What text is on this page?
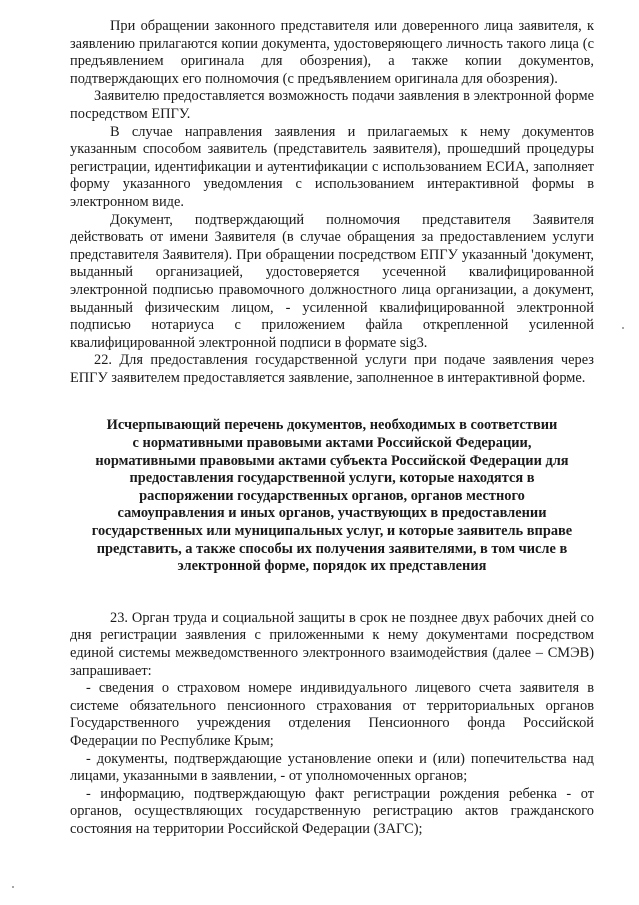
При обращении законного представителя или доверенного лица заявителя, к заявлению прилагаются копии документа, удостоверяющего личность такого лица (с предъявлением оригинала для обозрения), а также копии документов, подтверждающих его полномочия (с предъявлением оригинала для обозрения).

Заявителю предоставляется возможность подачи заявления в электронной форме посредством ЕПГУ.

В случае направления заявления и прилагаемых к нему документов указанным способом заявитель (представитель заявителя), прошедший процедуры регистрации, идентификации и аутентификации с использованием ЕСИА, заполняет форму указанного уведомления с использованием интерактивной формы в электронном виде.

Документ, подтверждающий полномочия представителя Заявителя действовать от имени Заявителя (в случае обращения за предоставлением услуги представителя Заявителя). При обращении посредством ЕПГУ указанный 'документ, выданный организацией, удостоверяется усеченной квалифицированной электронной подписью правомочного должностного лица организации, а документ, выданный физическим лицом, - усиленной квалифицированной электронной подписью нотариуса с приложением файла открепленной усиленной квалифицированной электронной подписи в формате sig3.

22. Для предоставления государственной услуги при подаче заявления через ЕПГУ заявителем предоставляется заявление, заполненное в интерактивной форме.

Исчерпывающий перечень документов, необходимых в соответствии
с нормативными правовыми актами Российской Федерации,
нормативными правовыми актами субъекта Российской Федерации для
предоставления государственной услуги, которые находятся в
распоряжении государственных органов, органов местного
самоуправления и иных органов, участвующих в предоставлении
государственных или муниципальных услуг, и которые заявитель вправе
представить, а также способы их получения заявителями, в том числе в
электронной форме, порядок их представления

23. Орган труда и социальной защиты в срок не позднее двух рабочих дней со дня регистрации заявления с приложенными к нему документами посредством единой системы межведомственного электронного взаимодействия (далее – СМЭВ) запрашивает:

- сведения о страховом номере индивидуального лицевого счета заявителя в системе обязательного пенсионного страхования от территориальных органов Государственного учреждения отделения Пенсионного фонда Российской Федерации по Республике Крым;

- документы, подтверждающие установление опеки и (или) попечительства над лицами, указанными в заявлении, - от уполномоченных органов;

- информацию, подтверждающую факт регистрации рождения ребенка - от органов, осуществляющих государственную регистрацию актов гражданского состояния на территории Российской Федерации (ЗАГС);
